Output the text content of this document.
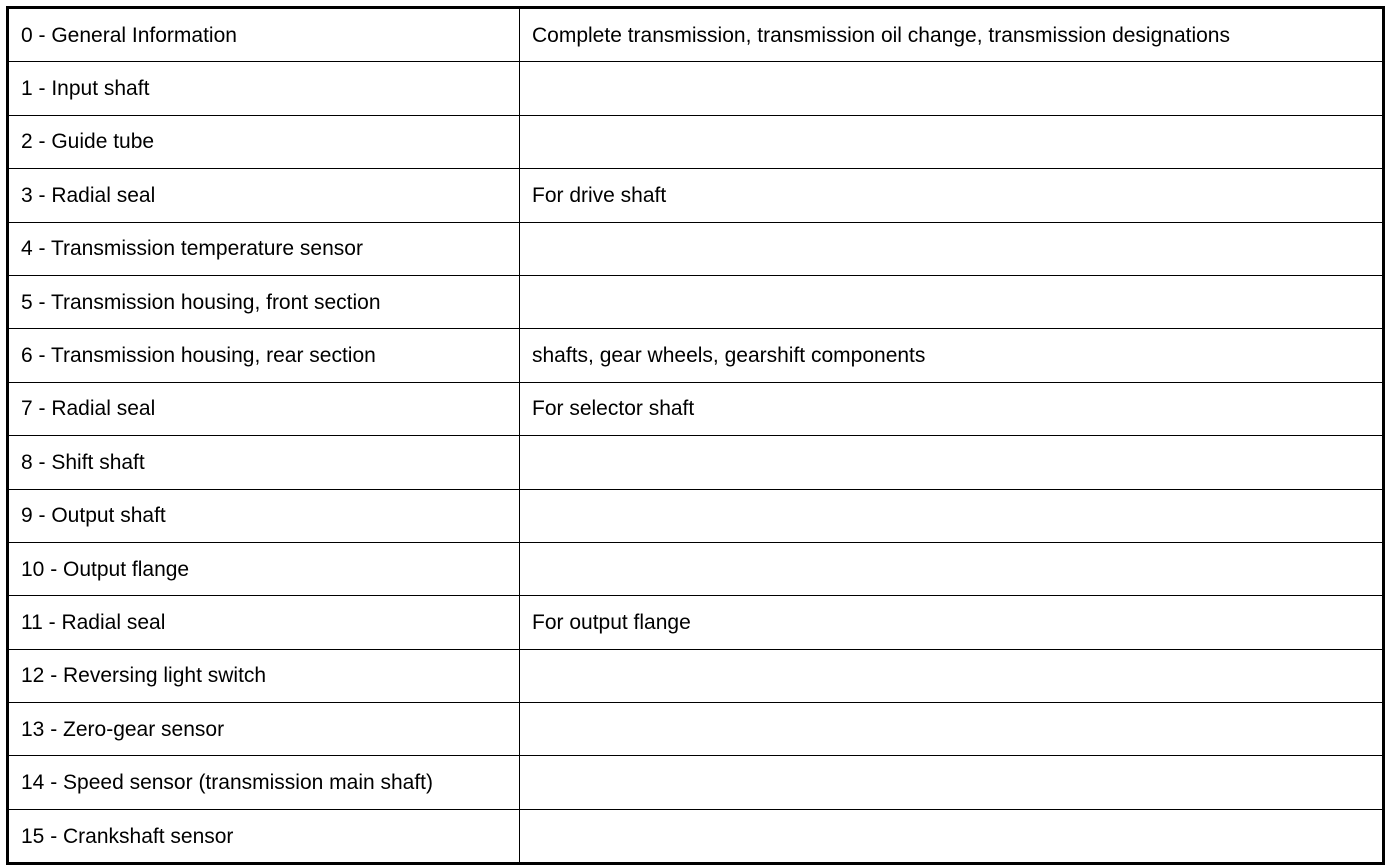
0 - General Information	Complete transmission, transmission oil change, transmission designations
1 - Input shaft	
2 - Guide tube	
3 - Radial seal	For drive shaft
4 - Transmission temperature sensor	
5 - Transmission housing, front section	
6 - Transmission housing, rear section	shafts, gear wheels, gearshift components
7 - Radial seal	For selector shaft
8 - Shift shaft	
9 - Output shaft	
10 - Output flange	
11 - Radial seal	For output flange
12 - Reversing light switch	
13 - Zero-gear sensor	
14 - Speed sensor (transmission main shaft)	
15 - Crankshaft sensor	
